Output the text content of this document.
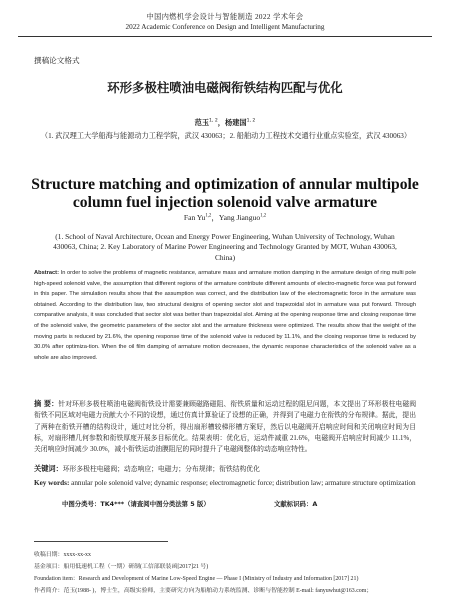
中国内燃机学会设计与智能制造 2022 学术年会
2022 Academic Conference on Design and Intelligent Manufacturing
撰稿论文格式
环形多极柱喷油电磁阀衔铁结构匹配与优化
范玉$^{1, 2}$，杨建国$^{1, 2}$
（1. 武汉理工大学船海与能源动力工程学院，武汉 430063；2. 船舶动力工程技术交通行业重点实验室，武汉 430063）
Structure matching and optimization of annular multipole column fuel injection solenoid valve armature
Fan Yu$^{1,2}$，Yang Jianguo$^{1,2}$
(1. School of Naval Architecture, Ocean and Energy Power Engineering, Wuhan University of Technology, Wuhan 430063, China; 2. Key Laboratory of Marine Power Engineering and Technology Granted by MOT, Wuhan 430063, China)
Abstract: In order to solve the problems of magnetic resistance, armature mass and armature motion damping in the armature design of ring multi pole high-speed solenoid valve, the assumption that different regions of the armature contribute different amounts of electro-magnetic force was put forward in this paper. The simulation results show that the assumption was correct, and the distribution law of the electromagnetic force in the armature was obtained. According to the distribution law, two structural designs of opening sector slot and trapezoidal slot in armature was put forward. Through comparative analysis, it was concluded that sector slot was better than trapezoidal slot. Aiming at the opening response time and closing response time of the solenoid valve, the geometric parameters of the sector slot and the armature thickness were optimized. The results show that the weight of the moving parts is reduced by 21.6%, the opening response time of the solenoid valve is reduced by 11.1%, and the closing response time is reduced by 30.0% after optimiza-tion. When the oil film damping of armature motion decreases, the dynamic response characteristics of the solenoid valve as a whole are also improved.
摘 要：针对环形多极柱喷油电磁阀衔铁设计需要兼顾磁路磁阻、衔铁质量和运动过程的阻尼问题，本文提出了环形极柱电磁阀衔铁不同区域对电磁力贡献大小不同的设想，通过仿真计算验证了设想的正确，并得到了电磁力在衔铁的分布规律。据此，提出了两种在衔铁开槽的结构设计，通过对比分析，得出扇形槽较梯形槽方案好，然后以电磁阀开启响应时间和关闭响应时间为目标，对扇形槽几何参数和衔铁厚度开展多目标优化。结果表明：优化后，运动件减重 21.6%，电磁阀开启响应时间减少 11.1%，关闭响应时间减少 30.0%，减小衔铁运动油膜阻尼的同时提升了电磁阀整体的动态响应特性。
关键词：环形多极柱电磁阀；动态响应；电磁力；分布规律；衔铁结构优化
Key words: annular pole solenoid valve; dynamic response; electromagnetic force; distribution law; armature structure optimization
中图分类号：TK4***（请查阅中图分类法第 5 版）	文献标识码：A
收稿日期：xxxx-xx-xx
基金项目：船用低速机工程（一期）研制(工信部联装函[2017]21 号)
Foundation item：Research and Development of Marine Low-Speed Engine — Phase I (Ministry of Industry and Information [2017] 21)
作者简介：范玉(1988- )，博士生，高级实验师，主要研究方向为船舶动力系统监测、诊断与智能控制 E-mail: fanyuwhut@163.com；
